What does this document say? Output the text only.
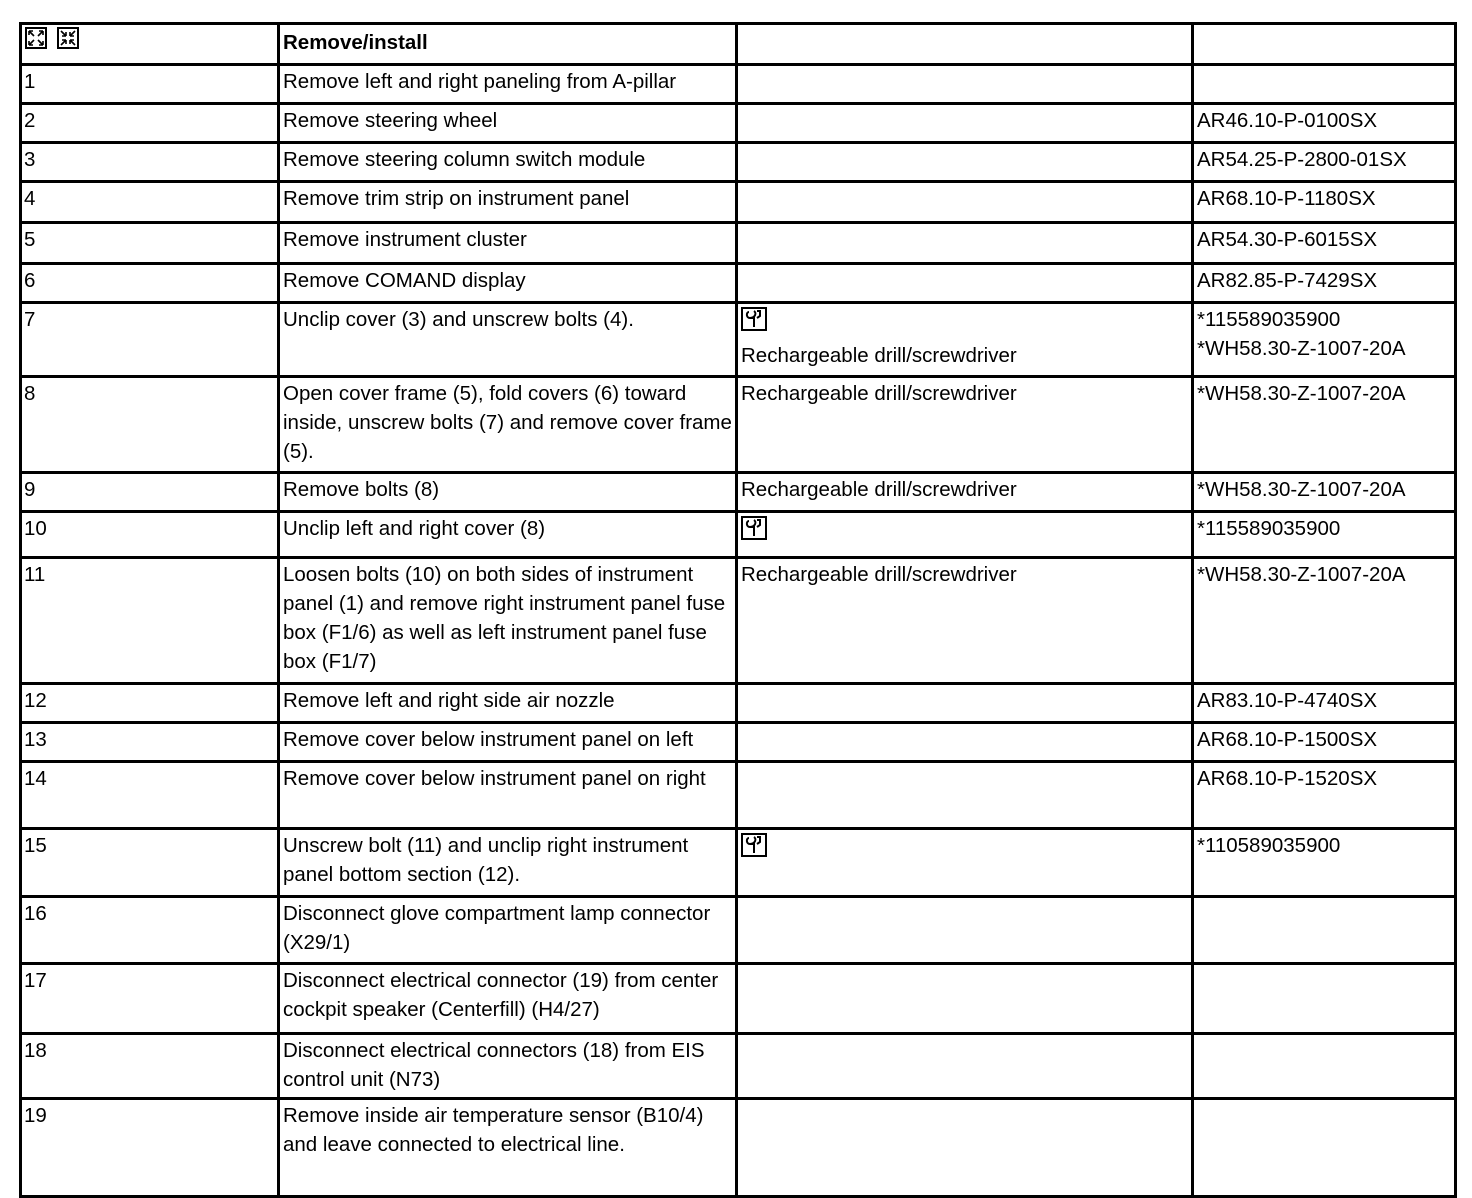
	Remove/install		
1	Remove left and right paneling from A-pillar		
2	Remove steering wheel		AR46.10-P-0100SX

3	Remove steering column switch module		AR54.25-P-2800-01SX

4	Remove trim strip on instrument panel		AR68.10-P-1180SX

5	Remove instrument cluster		AR54.30-P-6015SX

6	Remove COMAND display		AR82.85-P-7429SX

7	Unclip cover (3) and unscrew bolts (4).	Rechargeable drill/screwdriver	*115589035900
*WH58.30-Z-1007-20A

8	Open cover frame (5), fold covers (6) toward inside, unscrew bolts (7) and remove cover frame (5).	Rechargeable drill/screwdriver	*WH58.30-Z-1007-20A

9	Remove bolts (8)	Rechargeable drill/screwdriver	*WH58.30-Z-1007-20A

10	Unclip left and right cover (8)		*115589035900

11	Loosen bolts (10) on both sides of instrument panel (1) and remove right instrument panel fuse box (F1/6) as well as left instrument panel fuse box (F1/7)	Rechargeable drill/screwdriver	*WH58.30-Z-1007-20A

12	Remove left and right side air nozzle		AR83.10-P-4740SX

13	Remove cover below instrument panel on left		AR68.10-P-1500SX

14	Remove cover below instrument panel on right		AR68.10-P-1520SX

15	Unscrew bolt (11) and unclip right instrument panel bottom section (12).		*110589035900

16	Disconnect glove compartment lamp connector (X29/1)		
17	Disconnect electrical connector (19) from center cockpit speaker (Centerfill) (H4/27)		
18	Disconnect electrical connectors (18) from EIS control unit (N73)		
19	Remove inside air temperature sensor (B10/4) and leave connected to electrical line.		
